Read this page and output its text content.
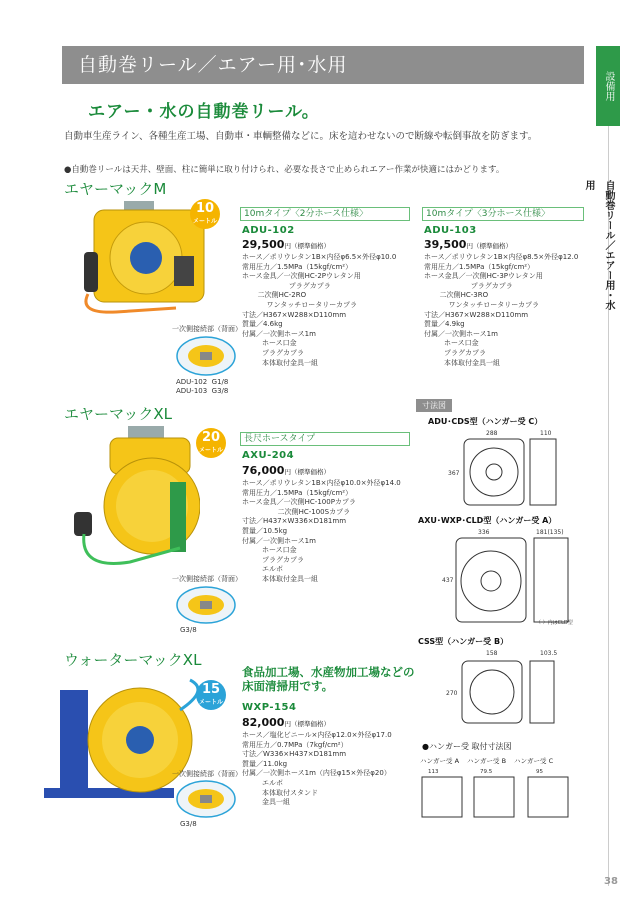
自動巻リール／エアー用･水用
設備用
自動巻リール／エアー用・水用
エアー・水の自動巻リール。
自動車生産ライン、各種生産工場、自動車・車輌整備などに。床を這わせないので断線や転倒事故を防ぎます。
●自動巻リールは天井、壁面、柱に簡単に取り付けられ、必要な長さで止められエアー作業が快適にはかどります。
エヤーマックM
10
メートル
一次側接続部（背面）
ADU-102  G1/8
ADU-103  G3/8
10mタイプ〈2分ホース仕様〉
ADU-102
29,500円（標準価格）
ホース／ポリウレタン1B×内径φ6.5×外径φ10.0
常用圧力／1.5MPa（15kgf/cm²）
ホース金具／一次側HC-2Pウレタン用
プラグカプラ
二次側HC-2RO
ワンタッチロータリーカプラ
寸法／H367×W288×D110mm
質量／4.6kg
付属／一次側ホース1m
ホース口金
プラグカプラ
本体取付金具一組
10mタイプ〈3分ホース仕様〉
ADU-103
39,500円（標準価格）
ホース／ポリウレタン1B×内径φ8.5×外径φ12.0
常用圧力／1.5MPa（15kgf/cm²）
ホース金具／一次側HC-3Pウレタン用
プラグカプラ
二次側HC-3RO
ワンタッチロータリーカプラ
寸法／H367×W288×D110mm
質量／4.9kg
付属／一次側ホース1m
ホース口金
プラグカプラ
本体取付金具一組
エヤーマックXL
20
メートル
一次側接続部（背面）
G3/8
長尺ホースタイプ
AXU-204
76,000円（標準価格）
ホース／ポリウレタン1B×内径φ10.0×外径φ14.0
常用圧力／1.5MPa（15kgf/cm²）
ホース金具／一次側HC-100Pカプラ
二次側HC-100Sカプラ
寸法／H437×W336×D181mm
質量／10.5kg
付属／一次側ホース1m
ホース口金
プラグカプラ
エルボ
本体取付金具一組
ウォーターマックXL
15
メートル
一次側接続部（背面）
G3/8
食品加工場、水産物加工場などの床面清掃用です。
WXP-154
82,000円（標準価格）
ホース／塩化ビニール×内径φ12.0×外径φ17.0
常用圧力／0.7MPa（7kgf/cm²）
寸法／W336×H437×D181mm
質量／11.0kg
付属／一次側ホース1m（内径φ15×外径φ20）
エルボ
本体取付スタンド
金具一組
寸法図
ADU･CDS型（ハンガー受 C）
288	110
367
AXU･WXP･CLD型（ハンガー受 A）
336	181(135)
437
（ ）内はCLD型
CSS型（ハンガー受 B）
158	103.5
270
●ハンガー受 取付寸法図
ハンガー受 A ハンガー受 B ハンガー受 C
113	79.5	95
38
